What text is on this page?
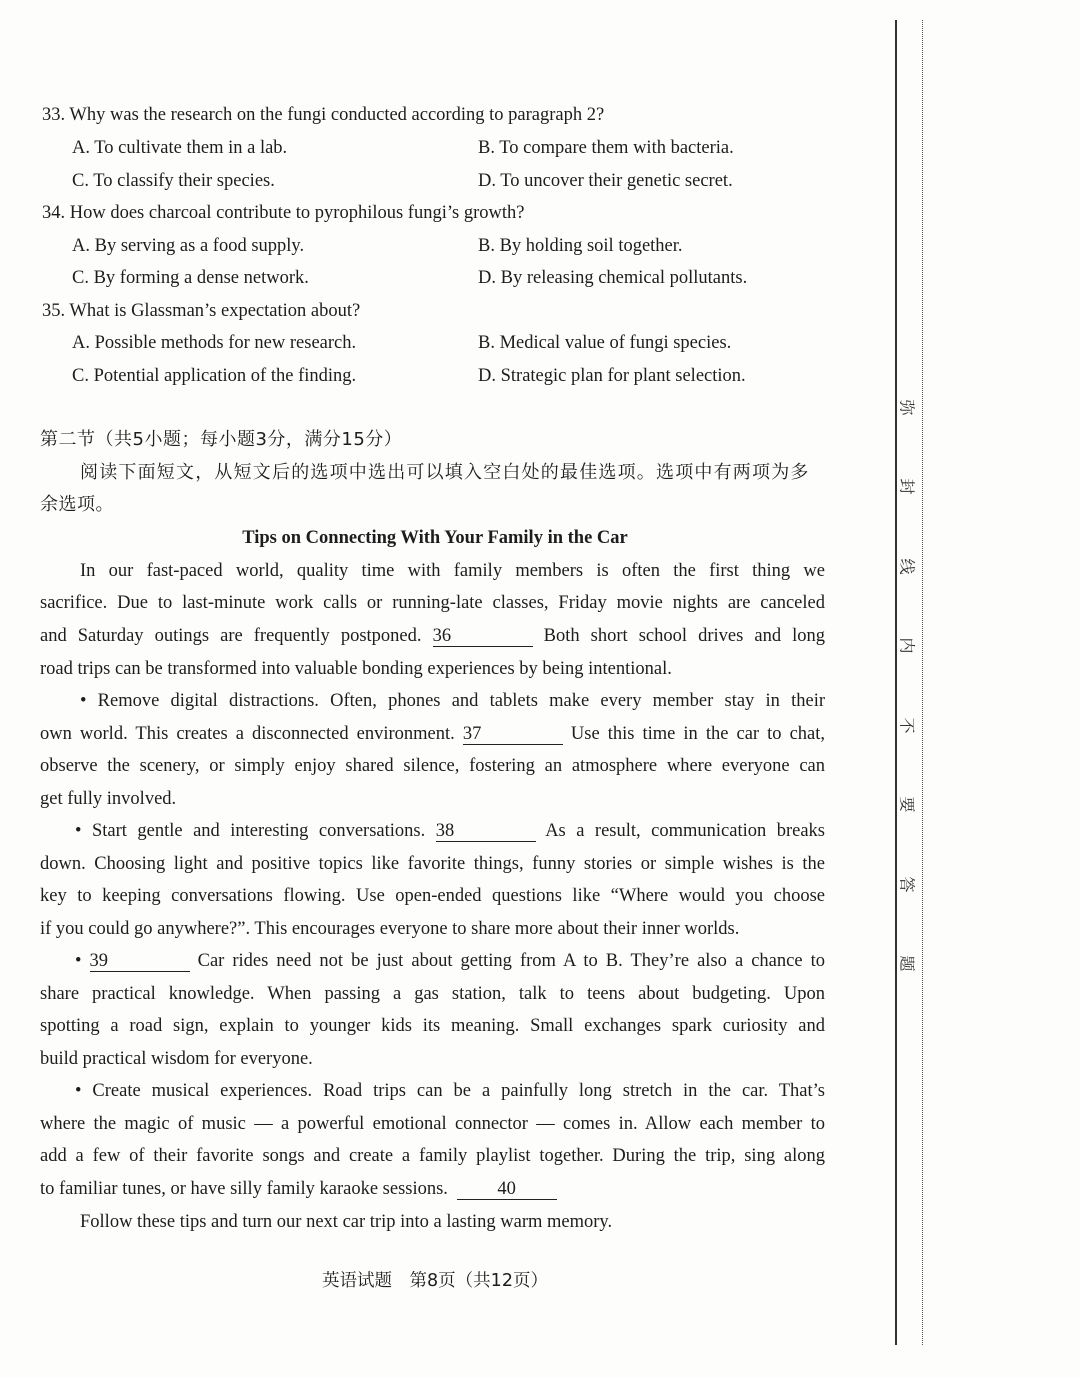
33. Why was the research on the fungi conducted according to paragraph 2?
A. To cultivate them in a lab.	B. To compare them with bacteria.
C. To classify their species.	D. To uncover their genetic secret.
34. How does charcoal contribute to pyrophilous fungi’s growth?
A. By serving as a food supply.	B. By holding soil together.
C. By forming a dense network.	D. By releasing chemical pollutants.
35. What is Glassman’s expectation about?
A. Possible methods for new research.	B. Medical value of fungi species.
C. Potential application of the finding.	D. Strategic plan for plant selection.
第二节（共5小题；每小题3分，满分15分）
阅读下面短文，从短文后的选项中选出可以填入空白处的最佳选项。选项中有两项为多
余选项。
Tips on Connecting With Your Family in the Car
In our fast-paced world, quality time with family members is often the first thing we
sacrifice. Due to last-minute work calls or running-late classes, Friday movie nights are canceled
and Saturday outings are frequently postponed. 36	Both short school drives and long
road trips can be transformed into valuable bonding experiences by being intentional.
• Remove digital distractions. Often, phones and tablets make every member stay in their
own world. This creates a disconnected environment. 37	Use this time in the car to chat,
observe the scenery, or simply enjoy shared silence, fostering an atmosphere where everyone can
get fully involved.
• Start gentle and interesting conversations. 38	As a result, communication breaks
down. Choosing light and positive topics like favorite things, funny stories or simple wishes is the
key to keeping conversations flowing. Use open-ended questions like “Where would you choose
if you could go anywhere?”. This encourages everyone to share more about their inner worlds.
• 39	Car rides need not be just about getting from A to B. They’re also a chance to
share practical knowledge. When passing a gas station, talk to teens about budgeting. Upon
spotting a road sign, explain to younger kids its meaning. Small exchanges spark curiosity and
build practical wisdom for everyone.
• Create musical experiences. Road trips can be a painfully long stretch in the car. That’s
where the magic of music — a powerful emotional connector — comes in. Allow each member to
add a few of their favorite songs and create a family playlist together. During the trip, sing along
to familiar tunes, or have silly family karaoke sessions.	40
Follow these tips and turn our next car trip into a lasting warm memory.
英语试题　第8页（共12页）
弥
封
线
内
不
要
答
题
